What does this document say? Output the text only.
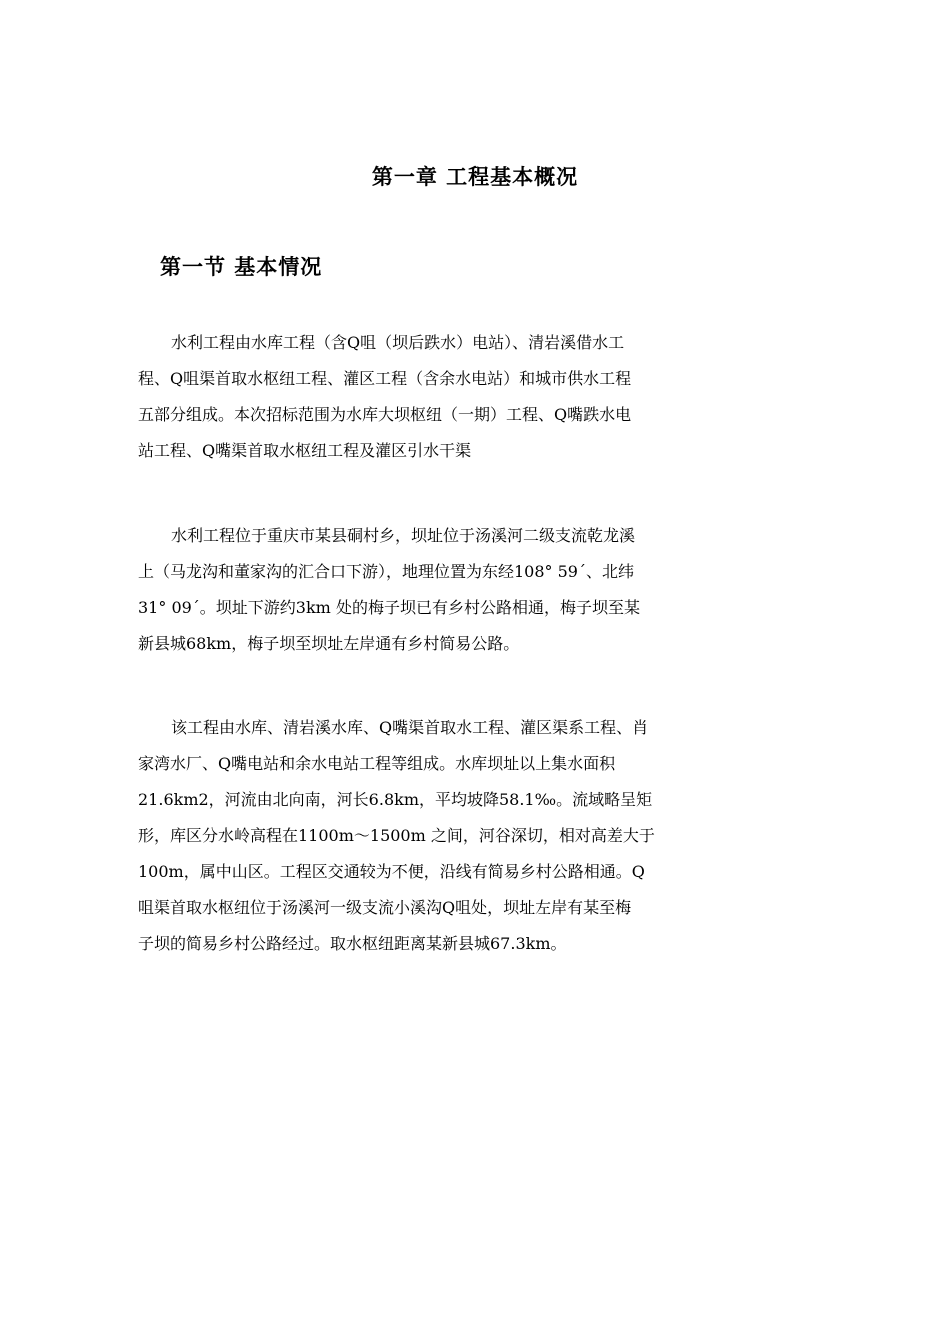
第一章 工程基本概况
第一节 基本情况
水利工程由水库工程（含Q咀（坝后跌水）电站）、清岩溪借水工
程、Q咀渠首取水枢纽工程、灌区工程（含余水电站）和城市供水工程
五部分组成。本次招标范围为水库大坝枢纽（一期）工程、Q嘴跌水电
站工程、Q嘴渠首取水枢纽工程及灌区引水干渠
水利工程位于重庆市某县硐村乡，坝址位于汤溪河二级支流乾龙溪
上（马龙沟和董家沟的汇合口下游），地理位置为东经108° 59´、北纬
31° 09´。坝址下游约3km 处的梅子坝已有乡村公路相通，梅子坝至某
新县城68km，梅子坝至坝址左岸通有乡村简易公路。
该工程由水库、清岩溪水库、Q嘴渠首取水工程、灌区渠系工程、肖
家湾水厂、Q嘴电站和余水电站工程等组成。水库坝址以上集水面积
21.6km2，河流由北向南，河长6.8km，平均坡降58.1‰。流域略呈矩
形，库区分水岭高程在1100m～1500m 之间，河谷深切，相对高差大于
100m，属中山区。工程区交通较为不便，沿线有简易乡村公路相通。Q
咀渠首取水枢纽位于汤溪河一级支流小溪沟Q咀处，坝址左岸有某至梅
子坝的简易乡村公路经过。取水枢纽距离某新县城67.3km。
